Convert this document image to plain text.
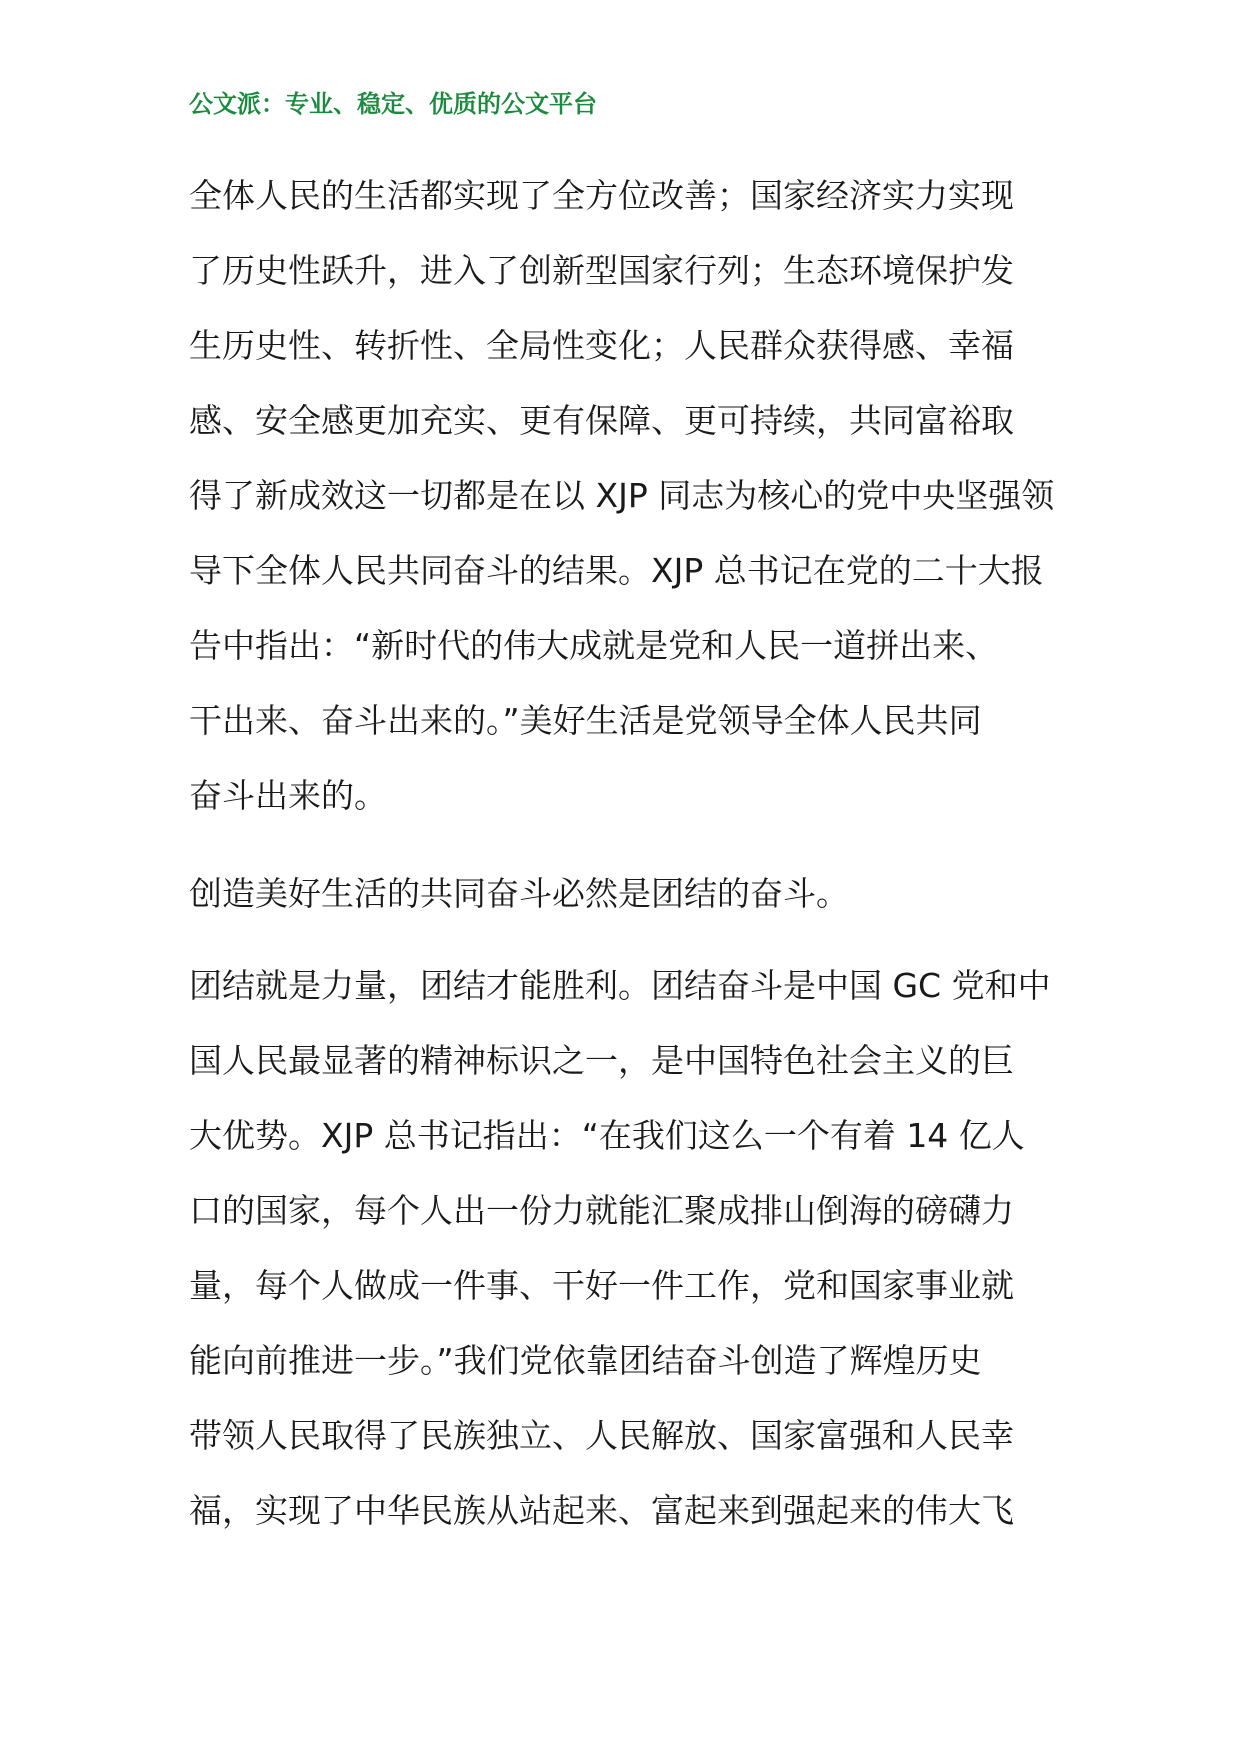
公文派：专业、稳定、优质的公文平台
全体人民的生活都实现了全方位改善；国家经济实力实现
了历史性跃升，进入了创新型国家行列；生态环境保护发
生历史性、转折性、全局性变化；人民群众获得感、幸福
感、安全感更加充实、更有保障、更可持续，共同富裕取
得了新成效这一切都是在以 XJP 同志为核心的党中央坚强领
导下全体人民共同奋斗的结果。XJP 总书记在党的二十大报
告中指出：“新时代的伟大成就是党和人民一道拼出来、
干出来、奋斗出来的。”美好生活是党领导全体人民共同
奋斗出来的。
创造美好生活的共同奋斗必然是团结的奋斗。
团结就是力量，团结才能胜利。团结奋斗是中国 GC 党和中
国人民最显著的精神标识之一，是中国特色社会主义的巨
大优势。XJP 总书记指出：“在我们这么一个有着 14 亿人
口的国家，每个人出一份力就能汇聚成排山倒海的磅礴力
量，每个人做成一件事、干好一件工作，党和国家事业就
能向前推进一步。”我们党依靠团结奋斗创造了辉煌历史
带领人民取得了民族独立、人民解放、国家富强和人民幸
福，实现了中华民族从站起来、富起来到强起来的伟大飞
